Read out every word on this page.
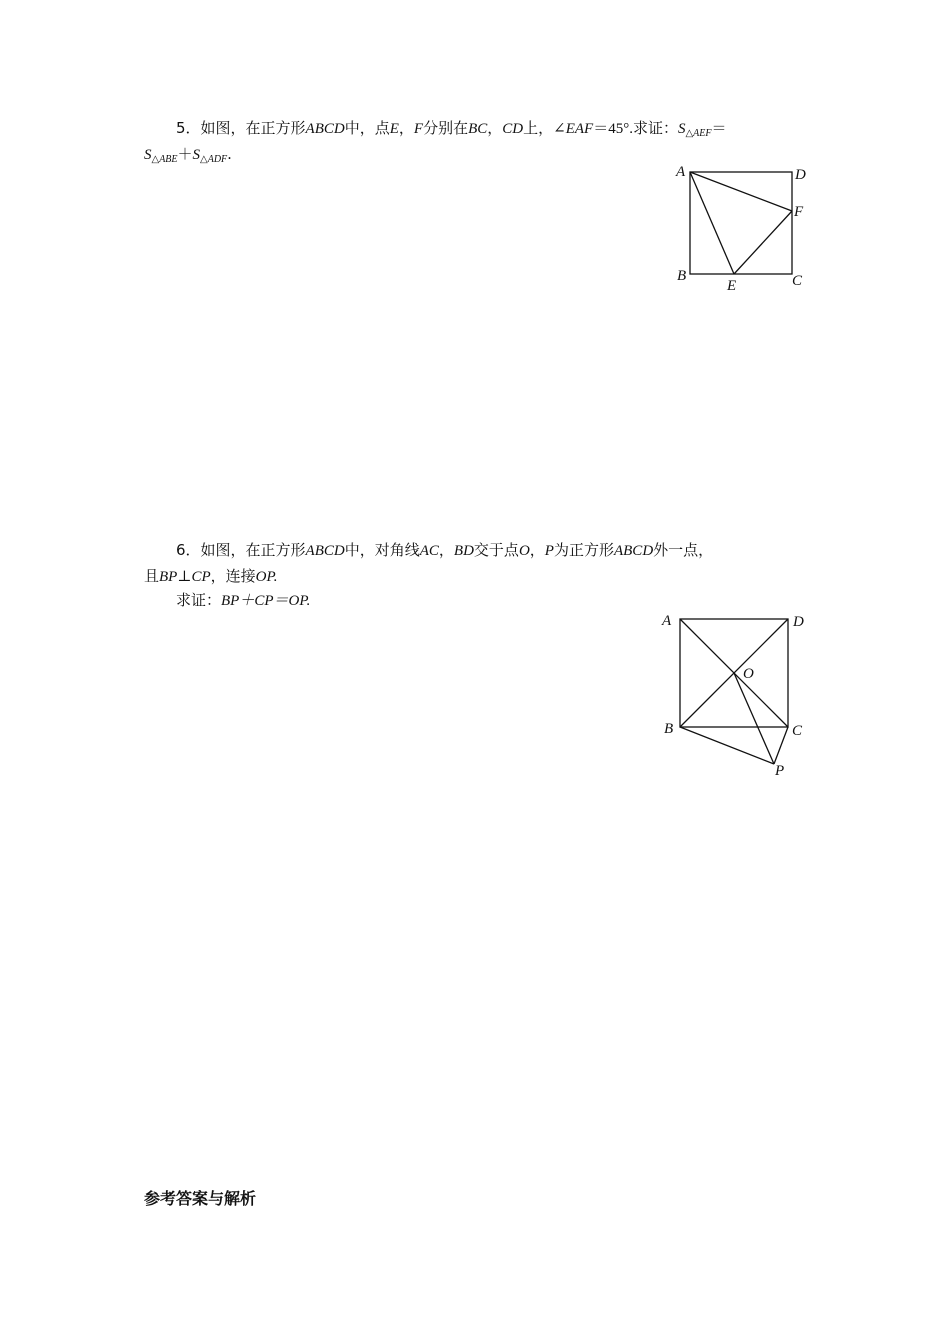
5．如图，在正方形ABCD中，点E，F分别在BC，CD上，∠EAF＝45°.求证：$S_{\triangle AEF}=$
$S_{\triangle ABE}+S_{\triangle ADF}$.
A	D
F
B
E	C
6．如图，在正方形ABCD中，对角线AC，BD交于点O，P为正方形ABCD外一点，
且BP⊥CP，连接OP.
求证：BP＋CP＝OP.
A	D
O
B	C
P
参考答案与解析
